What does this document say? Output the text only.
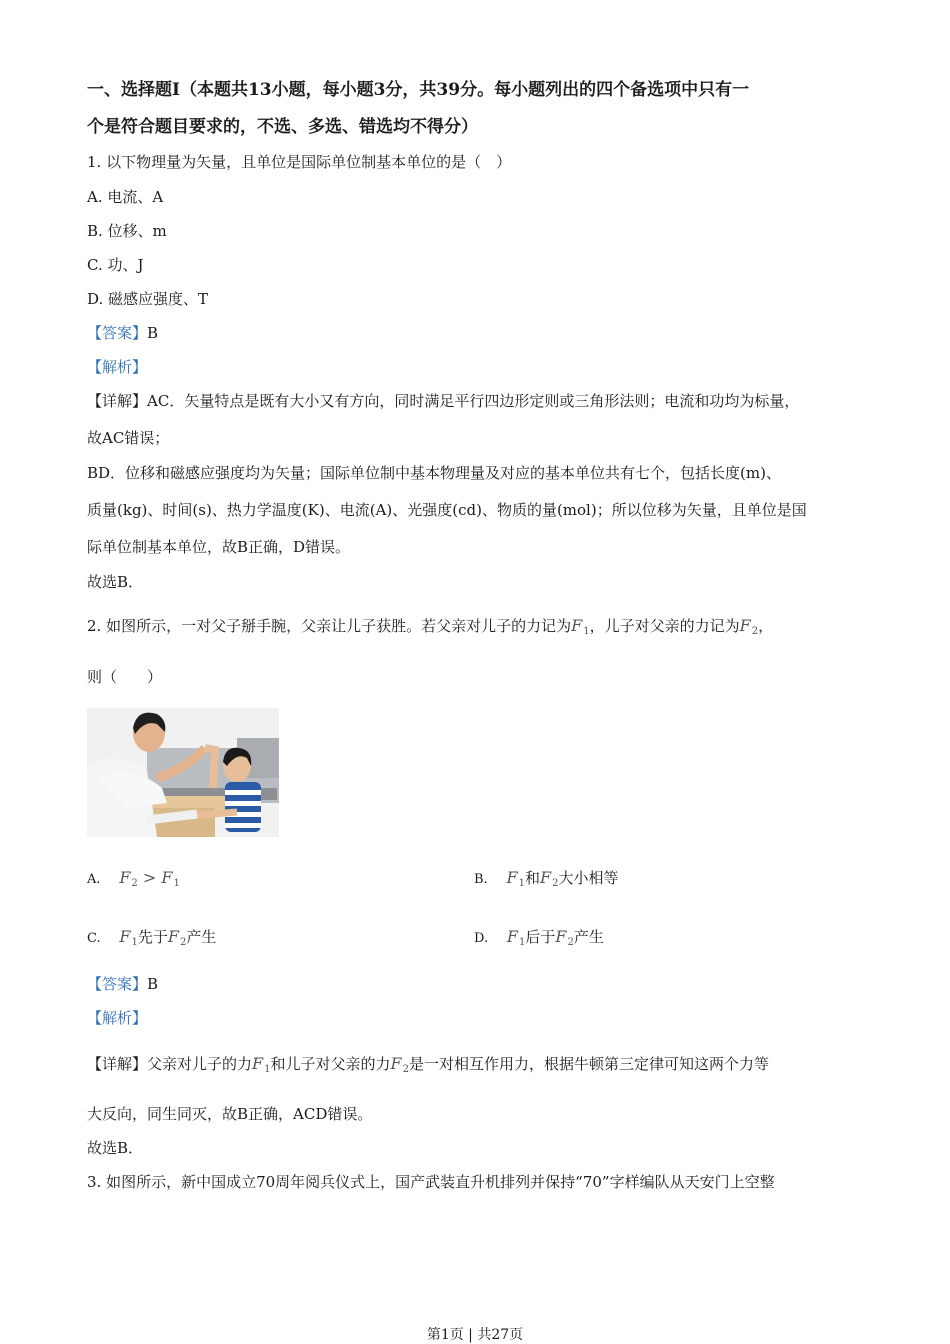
一、选择题Ⅰ（本题共13小题，每小题3分，共39分。每小题列出的四个备选项中只有一
个是符合题目要求的，不选、多选、错选均不得分）
1. 以下物理量为矢量，且单位是国际单位制基本单位的是（　）
A. 电流、A
B. 位移、m
C. 功、J
D. 磁感应强度、T
【答案】B
【解析】
【详解】AC．矢量特点是既有大小又有方向，同时满足平行四边形定则或三角形法则；电流和功均为标量，
故AC错误；
BD．位移和磁感应强度均为矢量；国际单位制中基本物理量及对应的基本单位共有七个，包括长度(m)、
质量(kg)、时间(s)、热力学温度(K)、电流(A)、光强度(cd)、物质的量(mol)；所以位移为矢量，且单位是国
际单位制基本单位，故B正确，D错误。
故选B．
2. 如图所示，一对父子掰手腕，父亲让儿子获胜。若父亲对儿子的力记为$F_1$，儿子对父亲的力记为$F_2$，
则（　　）
A. $F_2 > F_1$	B. $F_1$和$F_2$大小相等
C. $F_1$先于$F_2$产生	D. $F_1$后于$F_2$产生
【答案】B
【解析】
【详解】父亲对儿子的力$F_1$和儿子对父亲的力$F_2$是一对相互作用力，根据牛顿第三定律可知这两个力等
大反向，同生同灭，故B正确，ACD错误。
故选B．
3. 如图所示，新中国成立70周年阅兵仪式上，国产武装直升机排列并保持“70”字样编队从天安门上空整
第1页 | 共27页
